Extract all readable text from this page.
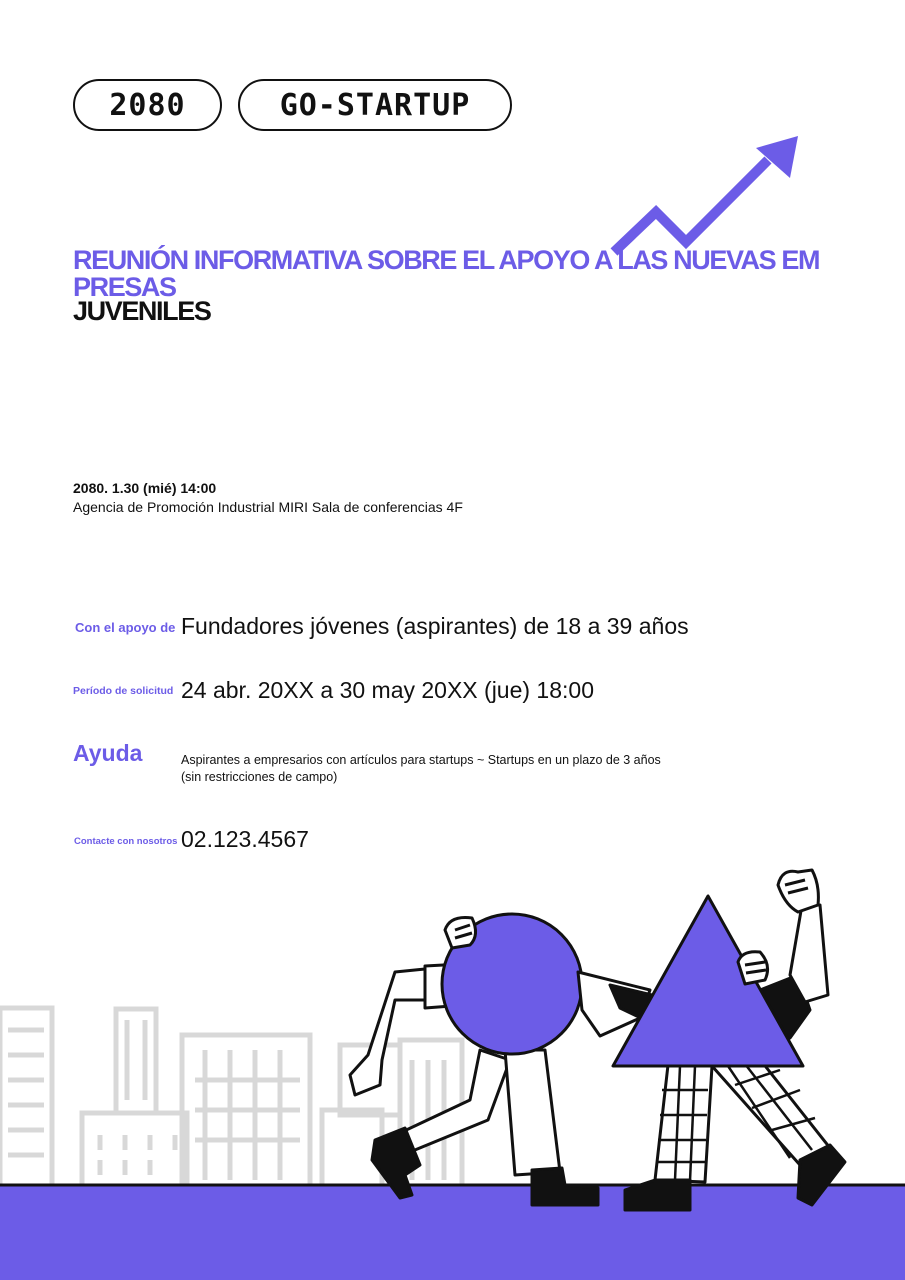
2080	GO-STARTUP
REUNIÓN INFORMATIVA SOBRE EL APOYO A LAS NUEVAS EM PRESAS
JUVENILES
2080. 1.30 (mié) 14:00
Agencia de Promoción Industrial MIRI Sala de conferencias 4F
Con el apoyo de Fundadores jóvenes (aspirantes) de 18 a 39 años
Período de solicitud 24 abr. 20XX a 30 may 20XX (jue) 18:00
Ayuda	Aspirantes a empresarios con artículos para startups ~ Startups en un plazo de 3 años
(sin restricciones de campo)
Contacte con nosotros 02.123.4567
